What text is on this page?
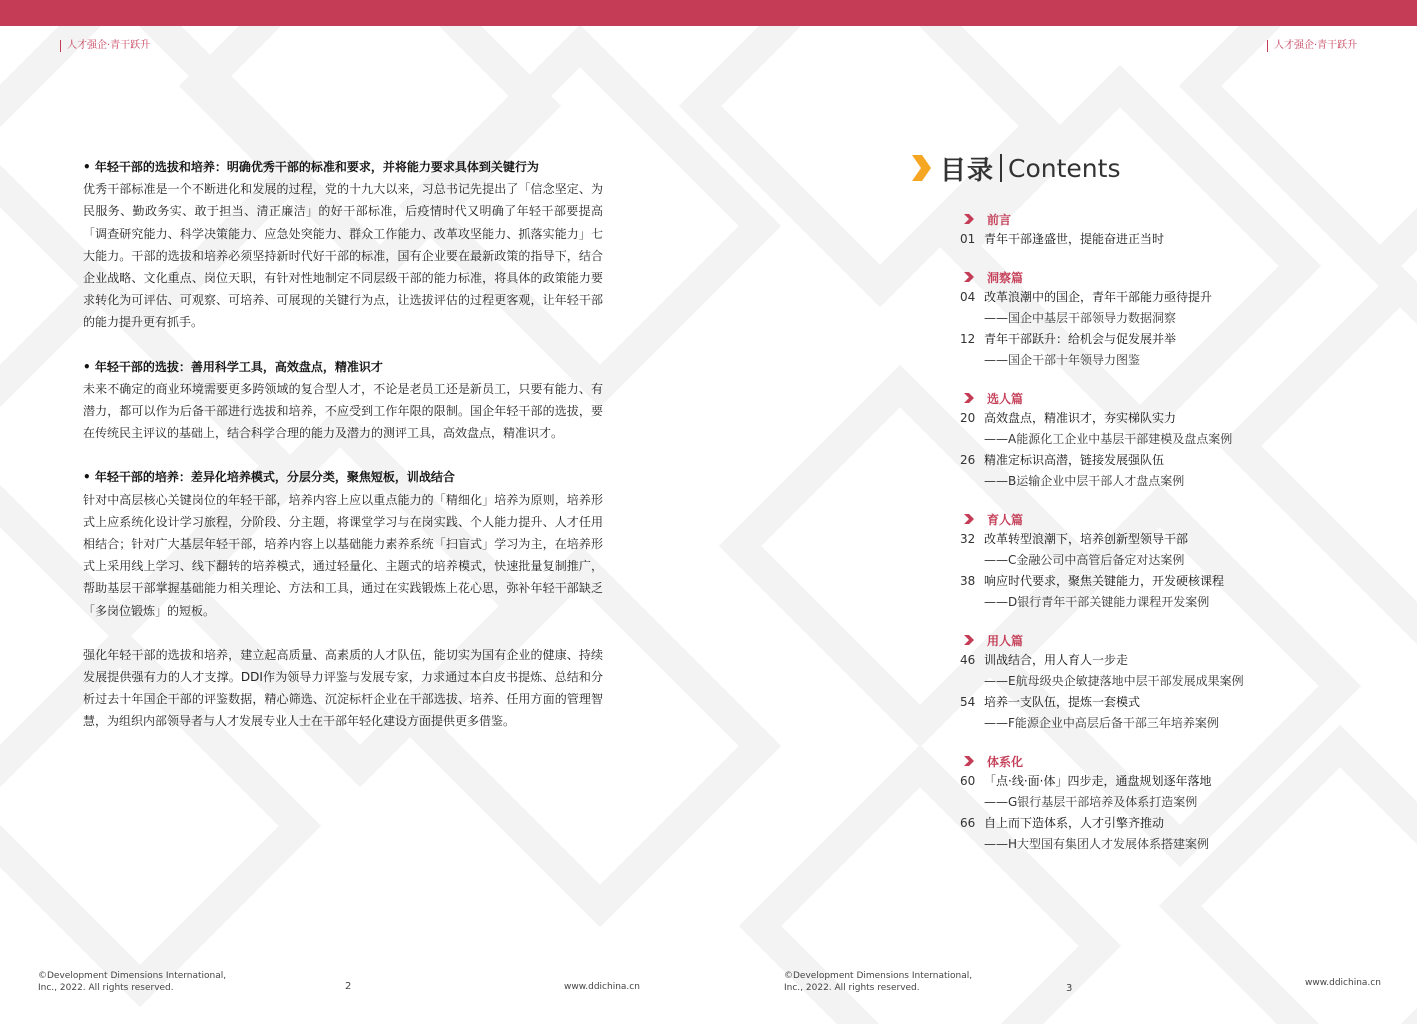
人才强企·青干跃升	人才强企·青干跃升

• 年轻干部的选拔和培养：明确优秀干部的标准和要求，并将能力要求具体到关键行为

优秀干部标准是一个不断进化和发展的过程，党的十九大以来，习总书记先提出了「信念坚定、为民服务、勤政务实、敢于担当、清正廉洁」的好干部标准，后疫情时代又明确了年轻干部要提高「调查研究能力、科学决策能力、应急处突能力、群众工作能力、改革攻坚能力、抓落实能力」七大能力。干部的选拔和培养必须坚持新时代好干部的标准，国有企业要在最新政策的指导下，结合企业战略、文化重点、岗位天职，有针对性地制定不同层级干部的能力标准，将具体的政策能力要求转化为可评估、可观察、可培养、可展现的关键行为点，让选拔评估的过程更客观，让年轻干部的能力提升更有抓手。

• 年轻干部的选拔：善用科学工具，高效盘点，精准识才

未来不确定的商业环境需要更多跨领域的复合型人才，不论是老员工还是新员工，只要有能力、有潜力，都可以作为后备干部进行选拔和培养，不应受到工作年限的限制。国企年轻干部的选拔，要在传统民主评议的基础上，结合科学合理的能力及潜力的测评工具，高效盘点，精准识才。

• 年轻干部的培养：差异化培养模式，分层分类，聚焦短板，训战结合

针对中高层核心关键岗位的年轻干部，培养内容上应以重点能力的「精细化」培养为原则，培养形式上应系统化设计学习旅程，分阶段、分主题，将课堂学习与在岗实践、个人能力提升、人才任用相结合；针对广大基层年轻干部，培养内容上以基础能力素养系统「扫盲式」学习为主，在培养形式上采用线上学习、线下翻转的培养模式，通过轻量化、主题式的培养模式，快速批量复制推广，帮助基层干部掌握基础能力相关理论、方法和工具，通过在实践锻炼上花心思，弥补年轻干部缺乏「多岗位锻炼」的短板。

强化年轻干部的选拔和培养，建立起高质量、高素质的人才队伍，能切实为国有企业的健康、持续发展提供强有力的人才支撑。DDI作为领导力评鉴与发展专家，力求通过本白皮书提炼、总结和分析过去十年国企干部的评鉴数据，精心筛选、沉淀标杆企业在干部选拔、培养、任用方面的管理智慧，为组织内部领导者与人才发展专业人士在干部年轻化建设方面提供更多借鉴。

目录 Contents
前言
01 青年干部逢盛世，提能奋进正当时
洞察篇
04 改革浪潮中的国企，青年干部能力亟待提升
——国企中基层干部领导力数据洞察
12 青年干部跃升：给机会与促发展并举
——国企干部十年领导力图鉴
选人篇
20 高效盘点，精准识才，夯实梯队实力
——A能源化工企业中基层干部建模及盘点案例
26 精准定标识高潜，链接发展强队伍
——B运输企业中层干部人才盘点案例
育人篇
32 改革转型浪潮下，培养创新型领导干部
——C金融公司中高管后备定对达案例
38 响应时代要求，聚焦关键能力，开发硬核课程
——D银行青年干部关键能力课程开发案例
用人篇
46 训战结合，用人育人一步走
——E航母级央企敏捷落地中层干部发展成果案例
54 培养一支队伍，提炼一套模式
——F能源企业中高层后备干部三年培养案例
体系化
60 「点·线·面·体」四步走，通盘规划逐年落地
——G银行基层干部培养及体系打造案例
66 自上而下造体系，人才引擎齐推动
——H大型国有集团人才发展体系搭建案例
©Development Dimensions International,
Inc., 2022. All rights reserved.	2	www.ddichina.cn
©Development Dimensions International,
Inc., 2022. All rights reserved.	3	www.ddichina.cn
